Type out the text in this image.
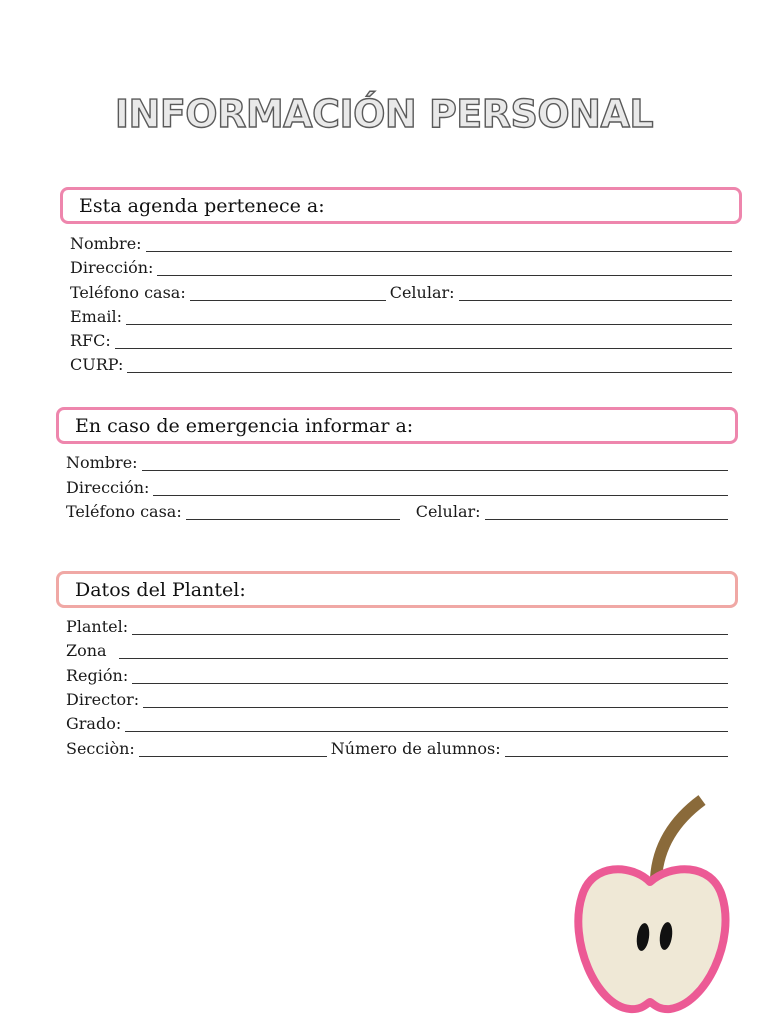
INFORMACIÓN PERSONAL
Esta agenda pertenece a:
Nombre:
Dirección:
Teléfono casa:	Celular:
Email:
RFC:
CURP:
En caso de emergencia informar a:
Nombre:
Dirección:
Teléfono casa:	Celular:
Datos del Plantel:
Plantel:
Zona
Región:
Director:
Grado:
Secciòn:	Número de alumnos:
